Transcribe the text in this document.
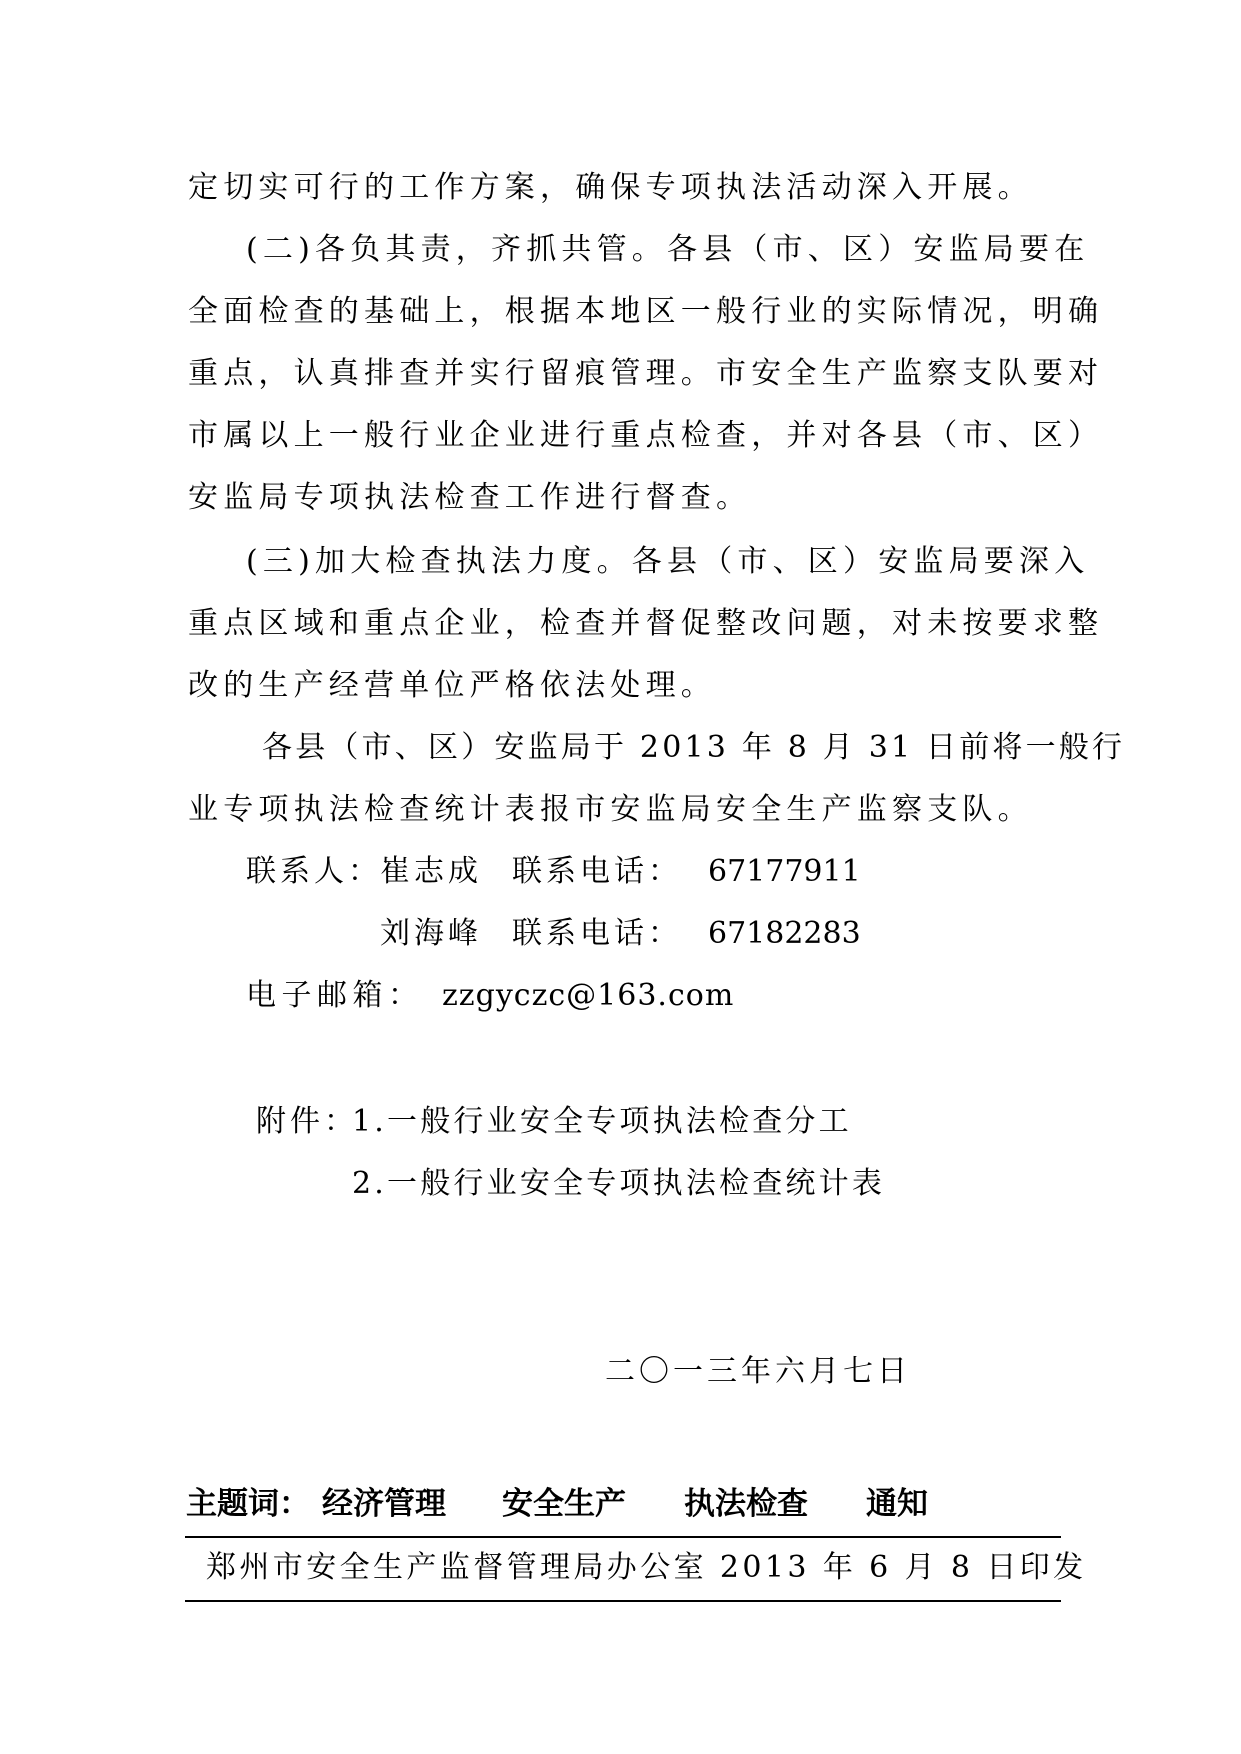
定切实可行的工作方案，确保专项执法活动深入开展。
(二)各负其责，齐抓共管。各县（市、区）安监局要在
全面检查的基础上，根据本地区一般行业的实际情况，明确
重点，认真排查并实行留痕管理。市安全生产监察支队要对
市属以上一般行业企业进行重点检查，并对各县（市、区）
安监局专项执法检查工作进行督查。
(三)加大检查执法力度。各县（市、区）安监局要深入
重点区域和重点企业，检查并督促整改问题，对未按要求整
改的生产经营单位严格依法处理。
各县（市、区）安监局于 2013 年 8 月 31 日前将一般行
业专项执法检查统计表报市安监局安全生产监察支队。
联系人：
崔志成 联系电话： 67177911
刘海峰 联系电话： 67182283
电子邮箱： zzgyczc@163.com
附件：
1.一般行业安全专项执法检查分工
2.一般行业安全专项执法检查统计表
二〇一三年六月七日
主题词： 经济管理 安全生产 执法检查 通知
郑州市安全生产监督管理局办公室 2013 年 6 月 8 日印发
